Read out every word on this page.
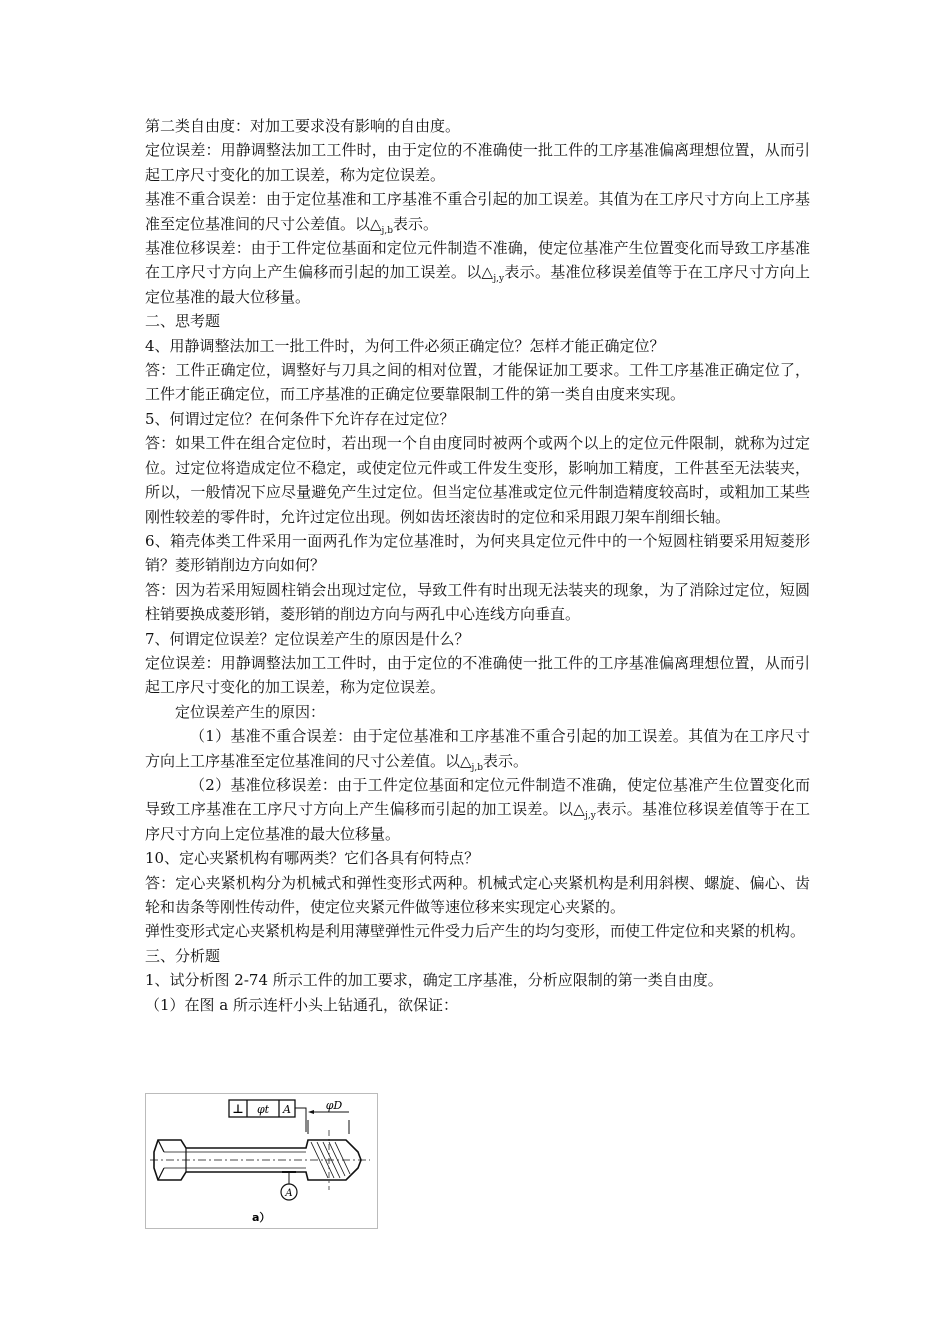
第二类自由度：对加工要求没有影响的自由度。

定位误差：用静调整法加工工件时，由于定位的不准确使一批工件的工序基准偏离理想位置，从而引起工序尺寸变化的加工误差，称为定位误差。

基准不重合误差：由于定位基准和工序基准不重合引起的加工误差。其值为在工序尺寸方向上工序基准至定位基准间的尺寸公差值。以$\triangle_{j,b}$表示。

基准位移误差：由于工件定位基面和定位元件制造不准确，使定位基准产生位置变化而导致工序基准在工序尺寸方向上产生偏移而引起的加工误差。以$\triangle_{j,y}$表示。基准位移误差值等于在工序尺寸方向上定位基准的最大位移量。

二、思考题

4、用静调整法加工一批工件时，为何工件必须正确定位？怎样才能正确定位？

答：工件正确定位，调整好与刀具之间的相对位置，才能保证加工要求。工件工序基准正确定位了，工件才能正确定位，而工序基准的正确定位要靠限制工件的第一类自由度来实现。

5、何谓过定位？在何条件下允许存在过定位？

答：如果工件在组合定位时，若出现一个自由度同时被两个或两个以上的定位元件限制，就称为过定位。过定位将造成定位不稳定，或使定位元件或工件发生变形，影响加工精度，工件甚至无法装夹，所以，一般情况下应尽量避免产生过定位。但当定位基准或定位元件制造精度较高时，或粗加工某些刚性较差的零件时，允许过定位出现。例如齿坯滚齿时的定位和采用跟刀架车削细长轴。

6、箱壳体类工件采用一面两孔作为定位基准时，为何夹具定位元件中的一个短圆柱销要采用短菱形销？菱形销削边方向如何？

答：因为若采用短圆柱销会出现过定位，导致工件有时出现无法装夹的现象，为了消除过定位，短圆柱销要换成菱形销，菱形销的削边方向与两孔中心连线方向垂直。

7、何谓定位误差？定位误差产生的原因是什么？

定位误差：用静调整法加工工件时，由于定位的不准确使一批工件的工序基准偏离理想位置，从而引起工序尺寸变化的加工误差，称为定位误差。

定位误差产生的原因：

（1）基准不重合误差：由于定位基准和工序基准不重合引起的加工误差。其值为在工序尺寸方向上工序基准至定位基准间的尺寸公差值。以$\triangle_{j,b}$表示。

（2）基准位移误差：由于工件定位基面和定位元件制造不准确，使定位基准产生位置变化而导致工序基准在工序尺寸方向上产生偏移而引起的加工误差。以$\triangle_{j,y}$表示。基准位移误差值等于在工序尺寸方向上定位基准的最大位移量。

10、定心夹紧机构有哪两类？它们各具有何特点？

答：定心夹紧机构分为机械式和弹性变形式两种。机械式定心夹紧机构是利用斜楔、螺旋、偏心、齿轮和齿条等刚性传动件，使定位夹紧元件做等速位移来实现定心夹紧的。

弹性变形式定心夹紧机构是利用薄壁弹性元件受力后产生的均匀变形，而使工件定位和夹紧的机构。

三、分析题

1、试分析图 2-74 所示工件的加工要求，确定工序基准，分析应限制的第一类自由度。

（1）在图 a 所示连杆小头上钻通孔，欲保证：

⊥ φt A	φD
A
a）
